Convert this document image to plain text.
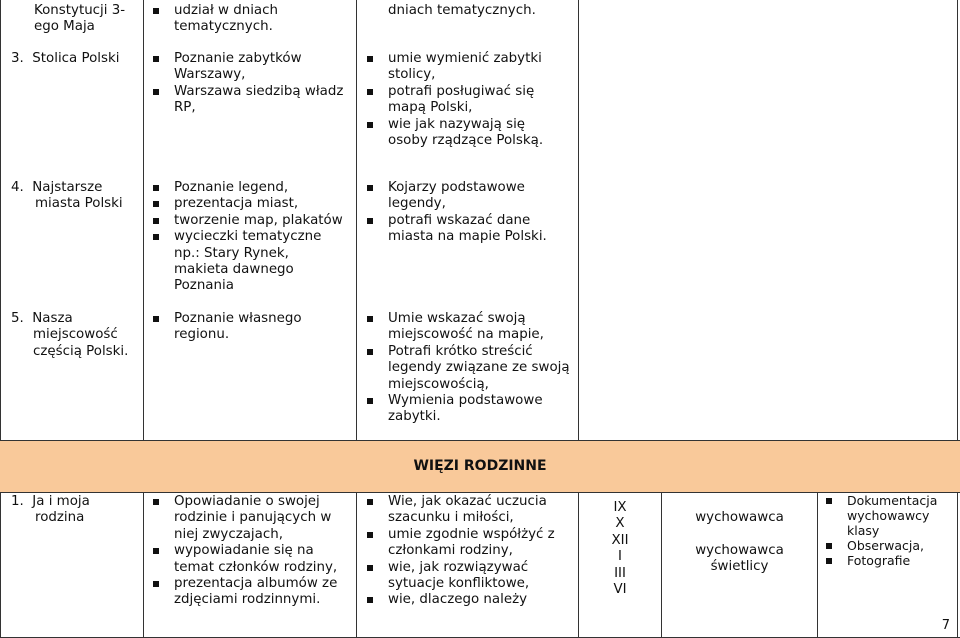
WIĘZI RODZINNE
Konstytucji 3-
ego Maja
udział w dniach
tematycznych.
dniach tematycznych.
3.  Stolica Polski	Poznanie zabytków
Warszawy,
Warszawa siedzibą władz
RP,
umie wymienić zabytki
stolicy,
potrafi posługiwać się
mapą Polski,
wie jak nazywają się
osoby rządzące Polską.
4.  Najstarsze
miasta Polski
Poznanie legend,
prezentacja miast,
tworzenie map, plakatów
wycieczki tematyczne
np.: Stary Rynek,
makieta dawnego
Poznania
Kojarzy podstawowe
legendy,
potrafi wskazać dane
miasta na mapie Polski.
5.  Nasza
miejscowość
częścią Polski.
Poznanie własnego
regionu.
Umie wskazać swoją
miejscowość na mapie,
Potrafi krótko streścić
legendy związane ze swoją
miejscowością,
Wymienia podstawowe
zabytki.
1.  Ja i moja
rodzina
Opowiadanie o swojej
rodzinie i panujących w
niej zwyczajach,
wypowiadanie się na
temat członków rodziny,
prezentacja albumów ze
zdjęciami rodzinnymi.
Wie, jak okazać uczucia
szacunku i miłości,
umie zgodnie współżyć z
członkami rodziny,
wie, jak rozwiązywać
sytuacje konfliktowe,
wie, dlaczego należy
IX
X
XII
I
III
VI
wychowawca
wychowawca
świetlicy
Dokumentacja
wychowawcy
klasy
Obserwacja,
Fotografie
7
